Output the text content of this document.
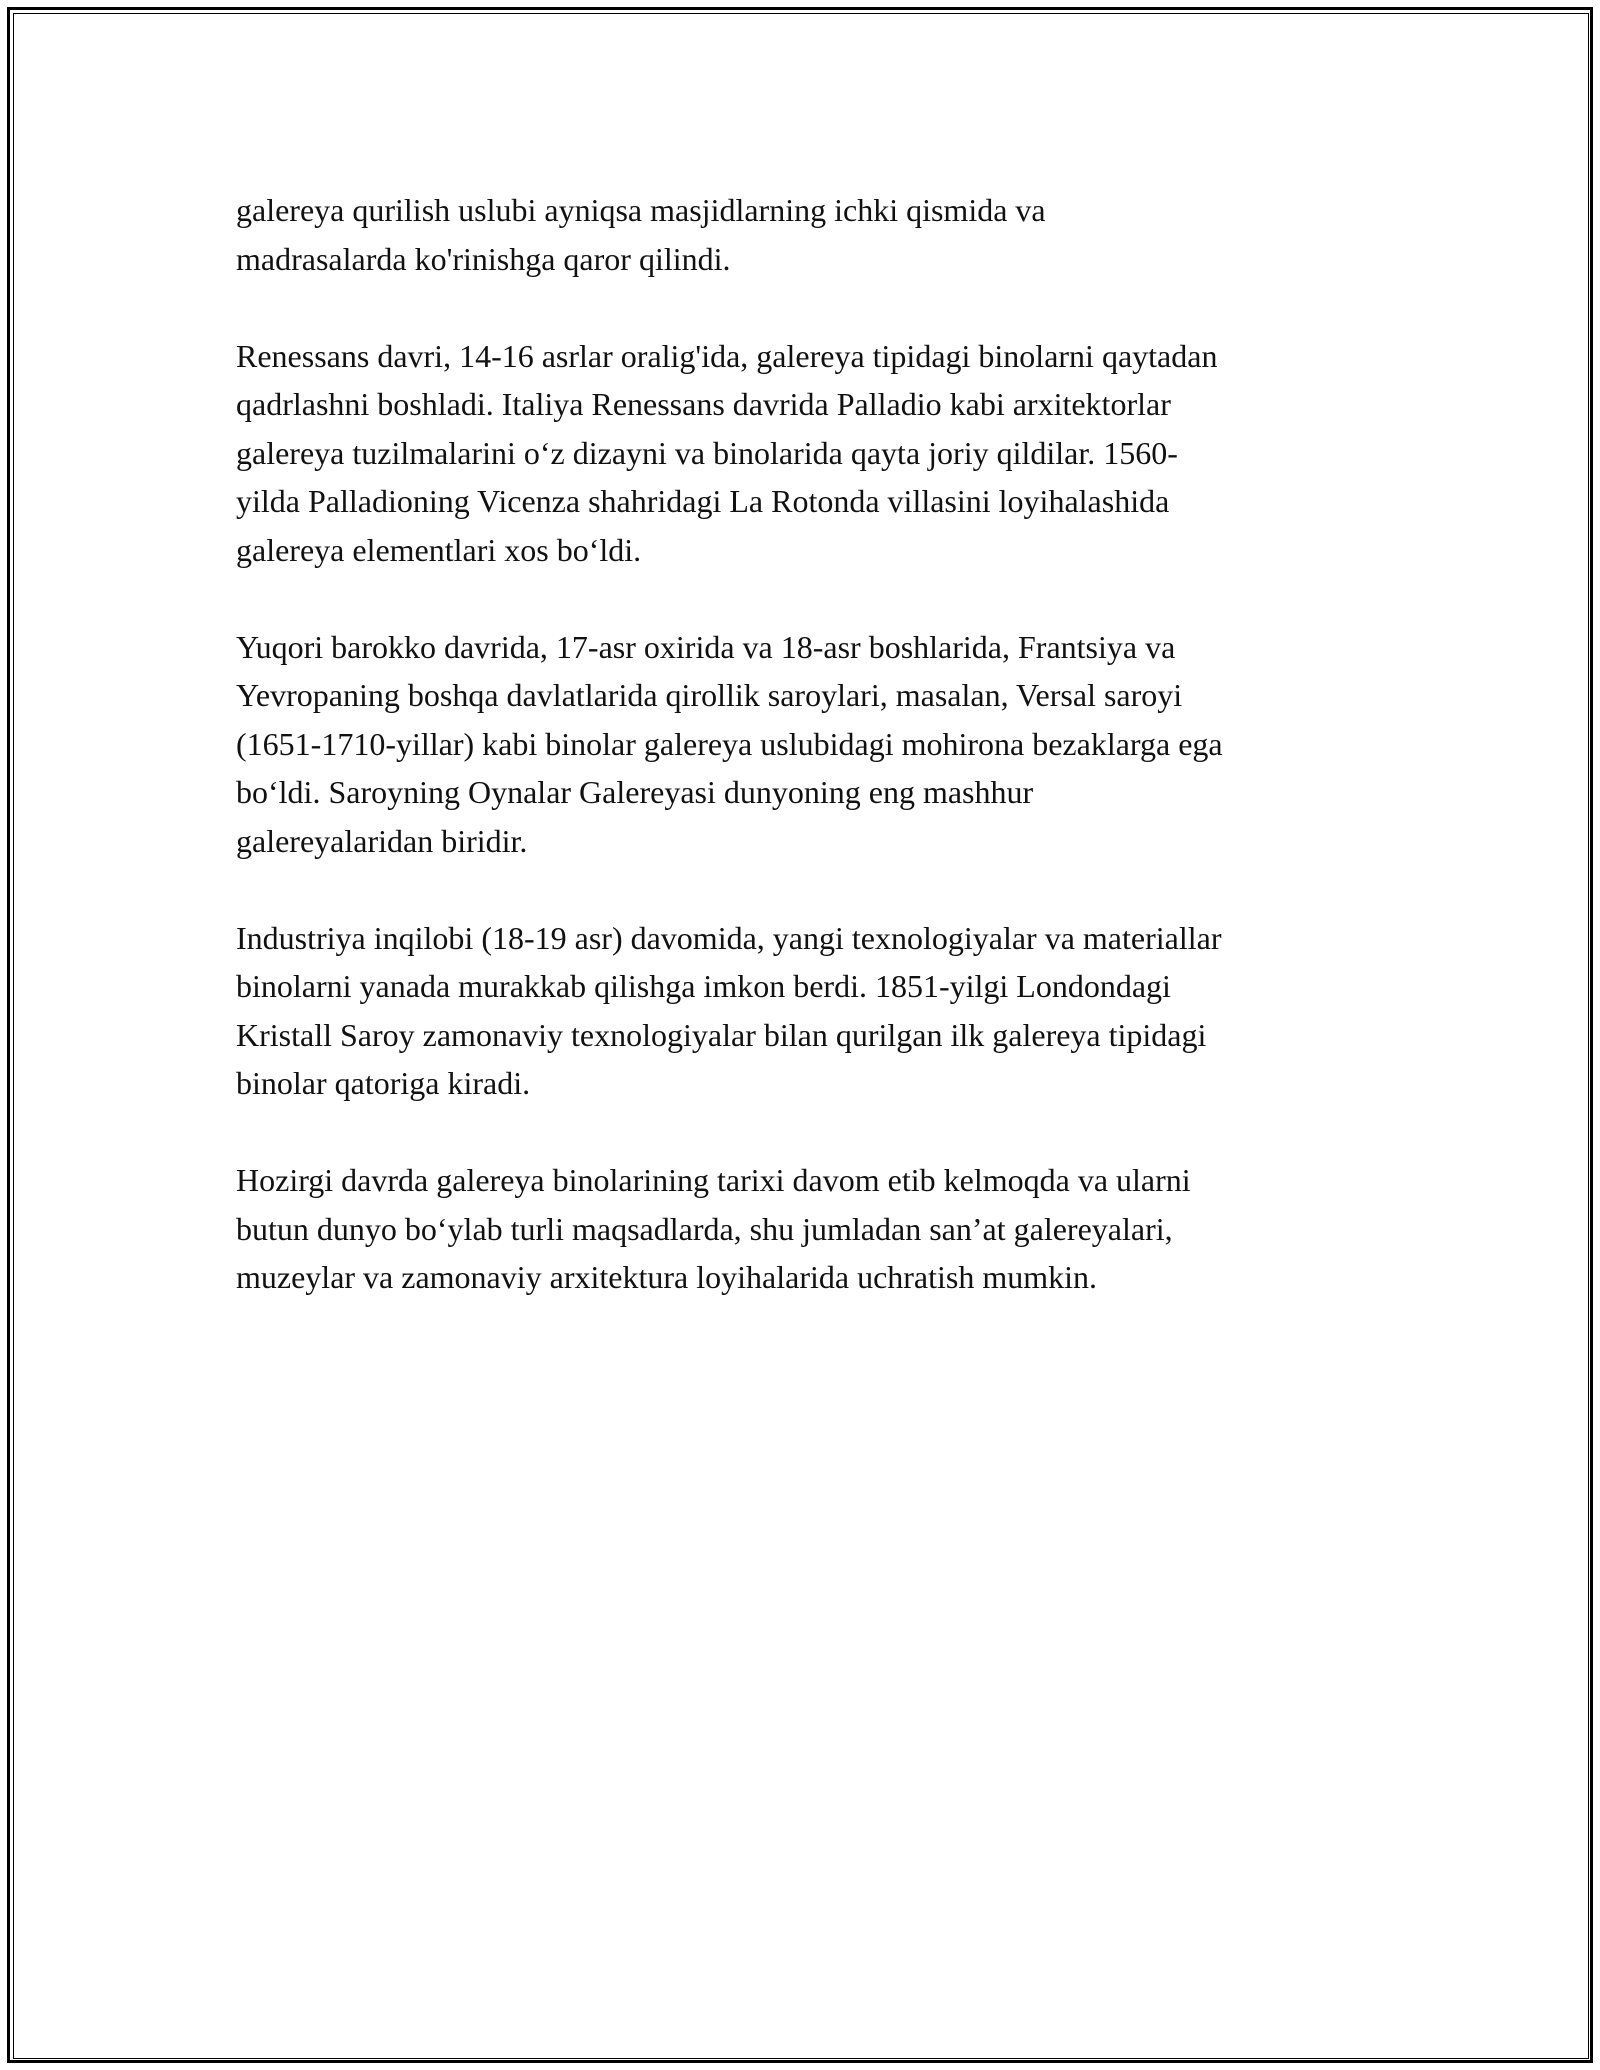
galereya qurilish uslubi ayniqsa masjidlarning ichki qismida va
madrasalarda ko'rinishga qaror qilindi.

Renessans davri, 14-16 asrlar oralig'ida, galereya tipidagi binolarni qaytadan
qadrlashni boshladi. Italiya Renessans davrida Palladio kabi arxitektorlar
galereya tuzilmalarini o‘z dizayni va binolarida qayta joriy qildilar. 1560-
yilda Palladioning Vicenza shahridagi La Rotonda villasini loyihalashida
galereya elementlari xos bo‘ldi.

Yuqori barokko davrida, 17-asr oxirida va 18-asr boshlarida, Frantsiya va
Yevropaning boshqa davlatlarida qirollik saroylari, masalan, Versal saroyi
(1651-1710-yillar) kabi binolar galereya uslubidagi mohirona bezaklarga ega
bo‘ldi. Saroyning Oynalar Galereyasi dunyoning eng mashhur
galereyalaridan biridir.

Industriya inqilobi (18-19 asr) davomida, yangi texnologiyalar va materiallar
binolarni yanada murakkab qilishga imkon berdi. 1851-yilgi Londondagi
Kristall Saroy zamonaviy texnologiyalar bilan qurilgan ilk galereya tipidagi
binolar qatoriga kiradi.

Hozirgi davrda galereya binolarining tarixi davom etib kelmoqda va ularni
butun dunyo bo‘ylab turli maqsadlarda, shu jumladan san’at galereyalari,
muzeylar va zamonaviy arxitektura loyihalarida uchratish mumkin.
